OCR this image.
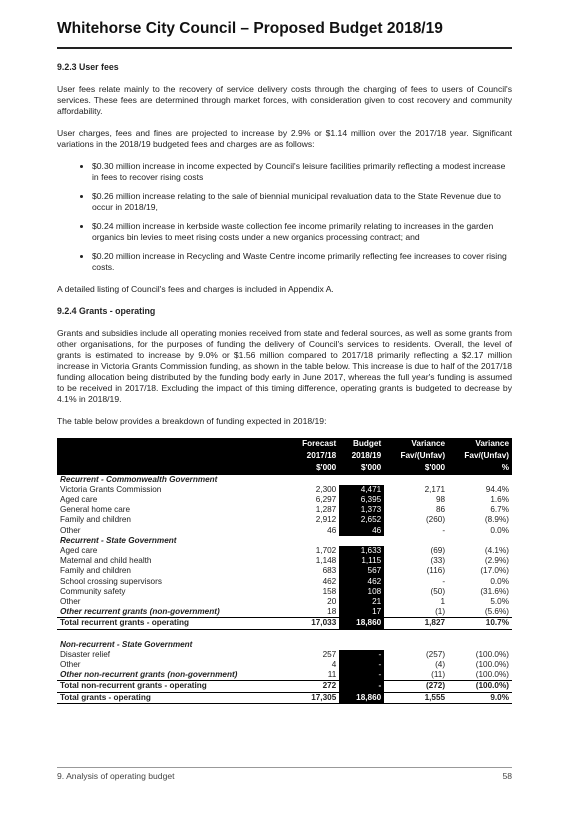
Whitehorse City Council – Proposed Budget 2018/19
9.2.3 User fees

User fees relate mainly to the recovery of service delivery costs through the charging of fees to users of Council's services. These fees are determined through market forces, with consideration given to cost recovery and community affordability.

User charges, fees and fines are projected to increase by 2.9% or $1.14 million over the 2017/18 year. Significant variations in the 2018/19 budgeted fees and charges are as follows:

• $0.30 million increase in income expected by Council's leisure facilities primarily reflecting a modest increase in fees to recover rising costs
• $0.26 million increase relating to the sale of biennial municipal revaluation data to the State Revenue due to occur in 2018/19,
• $0.24 million increase in kerbside waste collection fee income primarily relating to increases in the garden organics bin levies to meet rising costs under a new organics processing contract; and
• $0.20 million increase in Recycling and Waste Centre income primarily reflecting fee increases to cover rising costs.

A detailed listing of Council's fees and charges is included in Appendix A.

9.2.4 Grants - operating

Grants and subsidies include all operating monies received from state and federal sources, as well as some grants from other organisations, for the purposes of funding the delivery of Council's services to residents. Overall, the level of grants is estimated to increase by 9.0% or $1.56 million compared to 2017/18 primarily reflecting a $2.17 million increase in Victoria Grants Commission funding, as shown in the table below. This increase is due to half of the 2017/18 funding allocation being distributed by the funding body early in June 2017, whereas the full year's funding is assumed to be received in 2017/18. Excluding the impact of this timing difference, operating grants is budgeted to decrease by 4.1% in 2018/19.

The table below provides a breakdown of funding expected in 2018/19:

	Forecast	Budget	Variance	Variance
	2017/18	2018/19	Fav/(Unfav)	Fav/(Unfav)
	$'000	$'000	$'000	%
Recurrent - Commonwealth Government				
Victoria Grants Commission	2,300	4,471	2,171	94.4%
Aged care	6,297	6,395	98	1.6%
General home care	1,287	1,373	86	6.7%
Family and children	2,912	2,652	(260)	(8.9%)
Other	46	46	-	0.0%
Recurrent - State Government				
Aged care	1,702	1,633	(69)	(4.1%)
Maternal and child health	1,148	1,115	(33)	(2.9%)
Family and children	683	567	(116)	(17.0%)
School crossing supervisors	462	462	-	0.0%
Community safety	158	108	(50)	(31.6%)
Other	20	21	1	5.0%
Other recurrent grants (non-government)	18	17	(1)	(5.6%)
Total recurrent grants - operating	17,033	18,860	1,827	10.7%

Non-recurrent - State Government				
Disaster relief	257	-	(257)	(100.0%)
Other	4	-	(4)	(100.0%)
Other non-recurrent grants (non-government)	11	-	(11)	(100.0%)
Total non-recurrent grants - operating	272	-	(272)	(100.0%)
Total grants - operating	17,305	18,860	1,555	9.0%
9. Analysis of operating budget	58
